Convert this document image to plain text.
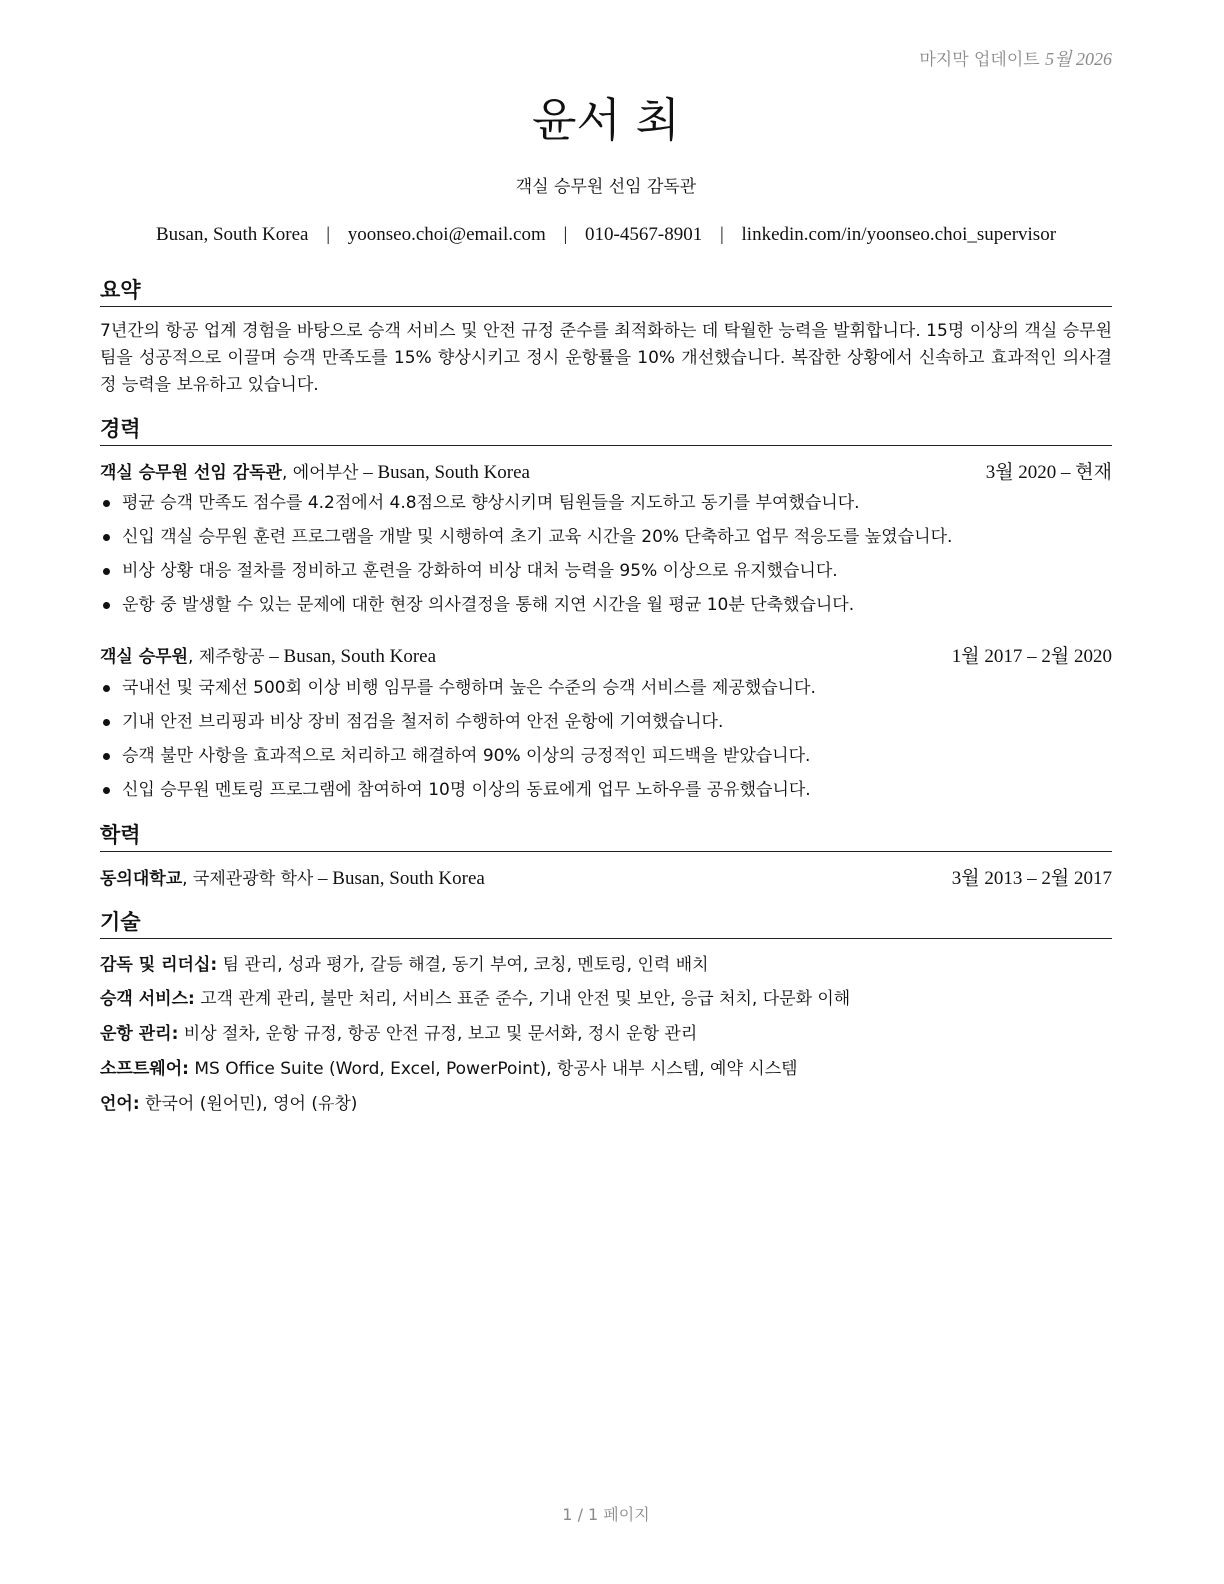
마지막 업데이트 5월 2026
윤서 최
객실 승무원 선임 감독관
Busan, South Korea | yoonseo.choi@email.com | 010-4567-8901 | linkedin.com/in/yoonseo.choi_supervisor
요약
7년간의 항공 업계 경험을 바탕으로 승객 서비스 및 안전 규정 준수를 최적화하는 데 탁월한 능력을 발휘합니다. 15명 이상의 객실 승무원 팀을 성공적으로 이끌며 승객 만족도를 15% 향상시키고 정시 운항률을 10% 개선했습니다. 복잡한 상황에서 신속하고 효과적인 의사결정 능력을 보유하고 있습니다.
경력
객실 승무원 선임 감독관, 에어부산 – Busan, South Korea	3월 2020 – 현재
평균 승객 만족도 점수를 4.2점에서 4.8점으로 향상시키며 팀원들을 지도하고 동기를 부여했습니다.
신입 객실 승무원 훈련 프로그램을 개발 및 시행하여 초기 교육 시간을 20% 단축하고 업무 적응도를 높였습니다.
비상 상황 대응 절차를 정비하고 훈련을 강화하여 비상 대처 능력을 95% 이상으로 유지했습니다.
운항 중 발생할 수 있는 문제에 대한 현장 의사결정을 통해 지연 시간을 월 평균 10분 단축했습니다.
객실 승무원, 제주항공 – Busan, South Korea	1월 2017 – 2월 2020
국내선 및 국제선 500회 이상 비행 임무를 수행하며 높은 수준의 승객 서비스를 제공했습니다.
기내 안전 브리핑과 비상 장비 점검을 철저히 수행하여 안전 운항에 기여했습니다.
승객 불만 사항을 효과적으로 처리하고 해결하여 90% 이상의 긍정적인 피드백을 받았습니다.
신입 승무원 멘토링 프로그램에 참여하여 10명 이상의 동료에게 업무 노하우를 공유했습니다.
학력
동의대학교, 국제관광학 학사 – Busan, South Korea	3월 2013 – 2월 2017
기술
감독 및 리더십: 팀 관리, 성과 평가, 갈등 해결, 동기 부여, 코칭, 멘토링, 인력 배치
승객 서비스: 고객 관계 관리, 불만 처리, 서비스 표준 준수, 기내 안전 및 보안, 응급 처치, 다문화 이해
운항 관리: 비상 절차, 운항 규정, 항공 안전 규정, 보고 및 문서화, 정시 운항 관리
소프트웨어: MS Office Suite (Word, Excel, PowerPoint), 항공사 내부 시스템, 예약 시스템
언어: 한국어 (원어민), 영어 (유창)
1 / 1 페이지
